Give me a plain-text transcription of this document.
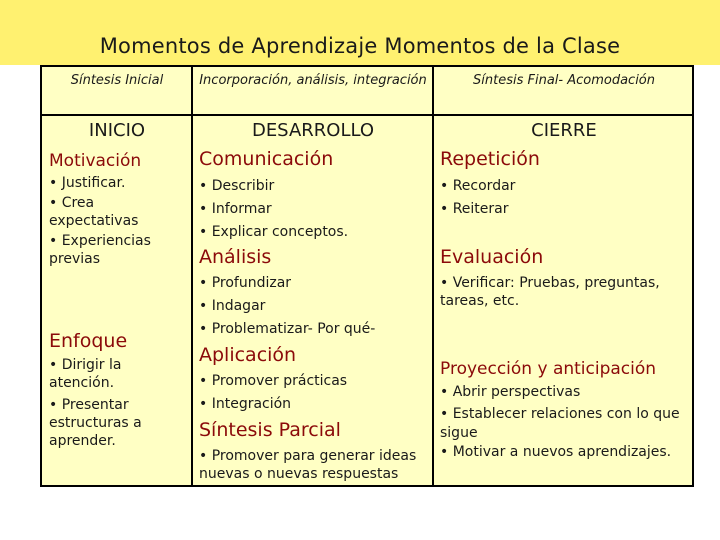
Momentos de Aprendizaje Momentos de la Clase
Síntesis Inicial
INICIO
Motivación
• Justificar.
• Crea expectativas
• Experiencias previas
Enfoque
• Dirigir la atención.
• Presentar estructuras a aprender.
Incorporación, análisis, integración
DESARROLLO
Comunicación
• Describir
• Informar
• Explicar conceptos.
Análisis
• Profundizar
• Indagar
• Problematizar- Por qué-
Aplicación
• Promover prácticas
• Integración
Síntesis Parcial
• Promover para generar ideas nuevas o nuevas respuestas
Síntesis Final- Acomodación
CIERRE
Repetición
• Recordar
• Reiterar
Evaluación
• Verificar: Pruebas, preguntas, tareas, etc.
Proyección y anticipación
• Abrir perspectivas
• Establecer relaciones con lo que sigue
• Motivar a nuevos aprendizajes.
